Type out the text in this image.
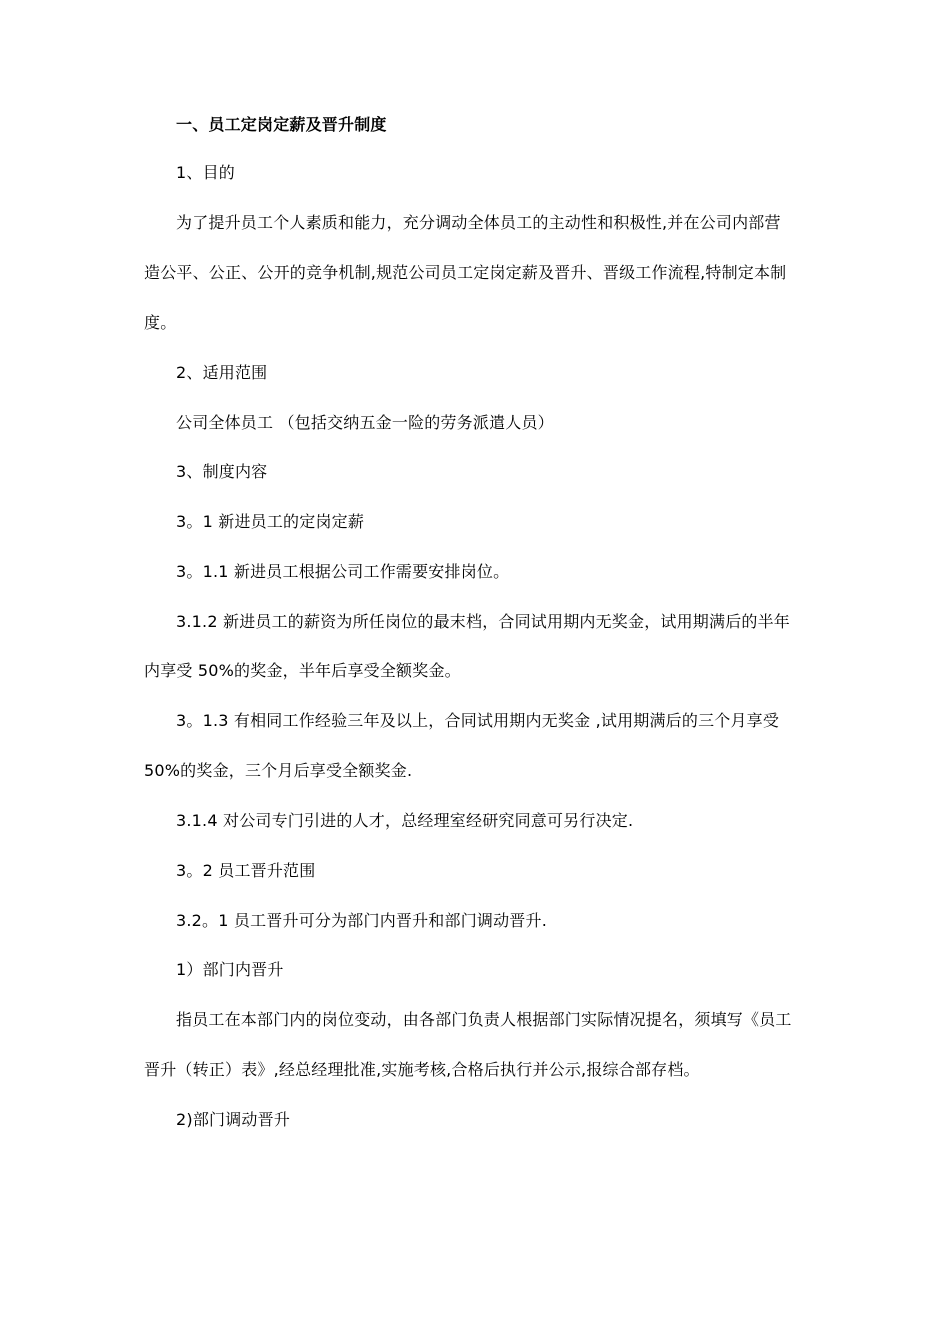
一、员工定岗定薪及晋升制度
1、目的
为了提升员工个人素质和能力，充分调动全体员工的主动性和积极性,并在公司内部营
造公平、公正、公开的竞争机制,规范公司员工定岗定薪及晋升、晋级工作流程,特制定本制
度。
2、适用范围
公司全体员工 （包括交纳五金一险的劳务派遣人员）
3、制度内容
3。1 新进员工的定岗定薪
3。1.1 新进员工根据公司工作需要安排岗位。
3.1.2 新进员工的薪资为所任岗位的最末档，合同试用期内无奖金，试用期满后的半年
内享受 50%的奖金，半年后享受全额奖金。
3。1.3 有相同工作经验三年及以上，合同试用期内无奖金 ,试用期满后的三个月享受
50%的奖金，三个月后享受全额奖金.
3.1.4 对公司专门引进的人才，总经理室经研究同意可另行决定.
3。2 员工晋升范围
3.2。1 员工晋升可分为部门内晋升和部门调动晋升.
1）部门内晋升
指员工在本部门内的岗位变动，由各部门负责人根据部门实际情况提名，须填写《员工
晋升（转正）表》,经总经理批准,实施考核,合格后执行并公示,报综合部存档。
2)部门调动晋升
